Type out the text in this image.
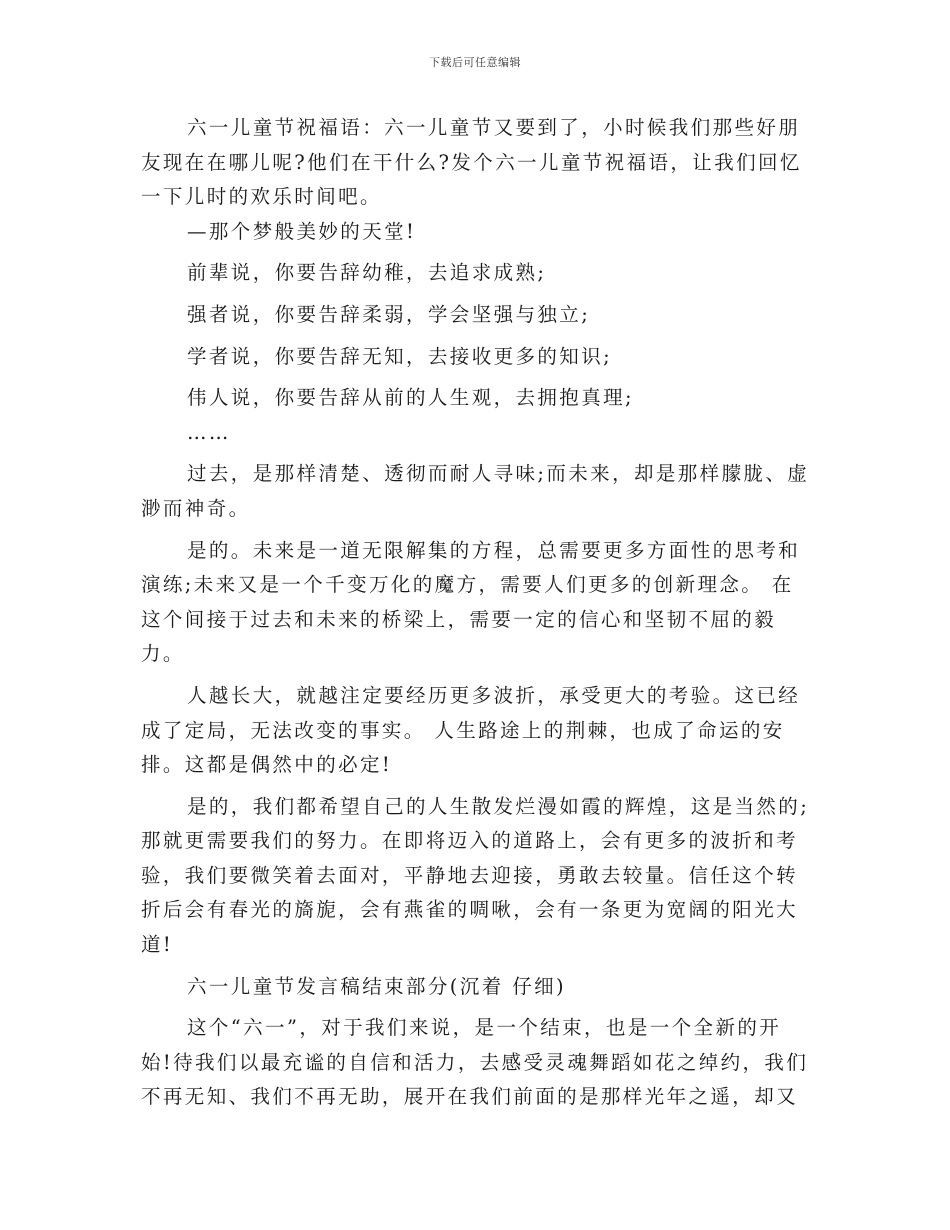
下载后可任意编辑

六一儿童节祝福语：六一儿童节又要到了，小时候我们那些好朋友现在在哪儿呢?他们在干什么?发个六一儿童节祝福语，让我们回忆一下儿时的欢乐时间吧。

—那个梦般美妙的天堂!

前辈说，你要告辞幼稚，去追求成熟;

强者说，你要告辞柔弱，学会坚强与独立;

学者说，你要告辞无知，去接收更多的知识;

伟人说，你要告辞从前的人生观，去拥抱真理;

……

过去，是那样清楚、透彻而耐人寻味;而未来，却是那样朦胧、虚渺而神奇。

是的。未来是一道无限解集的方程，总需要更多方面性的思考和演练;未来又是一个千变万化的魔方，需要人们更多的创新理念。 在这个间接于过去和未来的桥梁上，需要一定的信心和坚韧不屈的毅力。

人越长大，就越注定要经历更多波折，承受更大的考验。这已经成了定局，无法改变的事实。 人生路途上的荆棘，也成了命运的安排。这都是偶然中的必定!

是的，我们都希望自己的人生散发烂漫如霞的辉煌，这是当然的;那就更需要我们的努力。在即将迈入的道路上，会有更多的波折和考验，我们要微笑着去面对，平静地去迎接，勇敢去较量。信任这个转折后会有春光的旖旎，会有燕雀的啁啾，会有一条更为宽阔的阳光大道!

六一儿童节发言稿结束部分(沉着 仔细)

这个“六一”，对于我们来说，是一个结束，也是一个全新的开始!待我们以最充谧的自信和活力，去感受灵魂舞蹈如花之绰约，我们不再无知、我们不再无助，展开在我们前面的是那样光年之遥，却又
